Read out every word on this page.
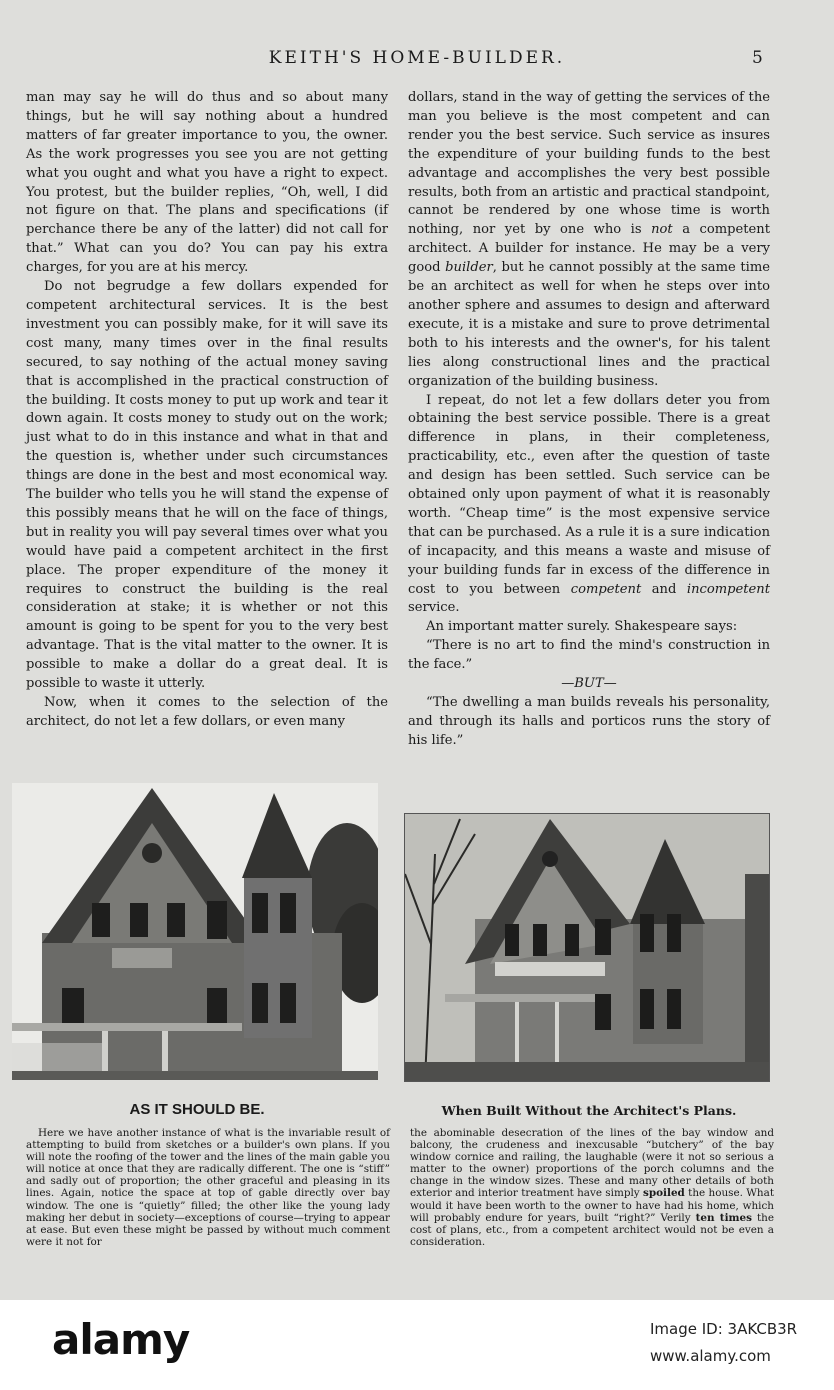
KEITH'S HOME-BUILDER.	5

man may say he will do thus and so about many things, but he will say nothing about a hundred matters of far greater importance to you, the owner. As the work progresses you see you are not getting what you ought and what you have a right to expect. You protest, but the builder replies, “Oh, well, I did not figure on that. The plans and specifications (if perchance there be any of the latter) did not call for that.” What can you do? You can pay his extra charges, for you are at his mercy.

Do not begrudge a few dollars expended for competent architectural services. It is the best investment you can possibly make, for it will save its cost many, many times over in the final results secured, to say nothing of the actual money saving that is accomplished in the practical construction of the building. It costs money to put up work and tear it down again. It costs money to study out on the work; just what to do in this instance and what in that and the question is, whether under such circumstances things are done in the best and most economical way. The builder who tells you he will stand the expense of this possibly means that he will on the face of things, but in reality you will pay several times over what you would have paid a competent architect in the first place. The proper expenditure of the money it requires to construct the building is the real consideration at stake; it is whether or not this amount is going to be spent for you to the very best advantage. That is the vital matter to the owner. It is possible to make a dollar do a great deal. It is possible to waste it utterly.

Now, when it comes to the selection of the architect, do not let a few dollars, or even many

dollars, stand in the way of getting the services of the man you believe is the most competent and can render you the best service. Such service as insures the expenditure of your building funds to the best advantage and accomplishes the very best possible results, both from an artistic and practical standpoint, cannot be rendered by one whose time is worth nothing, nor yet by one who is not a competent architect. A builder for instance. He may be a very good builder, but he cannot possibly at the same time be an architect as well for when he steps over into another sphere and assumes to design and afterward execute, it is a mistake and sure to prove detrimental both to his interests and the owner's, for his talent lies along constructional lines and the practical organization of the building business.

I repeat, do not let a few dollars deter you from obtaining the best service possible. There is a great difference in plans, in their completeness, practicability, etc., even after the question of taste and design has been settled. Such service can be obtained only upon payment of what it is reasonably worth. “Cheap time” is the most expensive service that can be purchased. As a rule it is a sure indication of incapacity, and this means a waste and misuse of your building funds far in excess of the difference in cost to you between competent and incompetent service.

An important matter surely. Shakespeare says:

“There is no art to find the mind's construction in the face.”

—BUT—

“The dwelling a man builds reveals his personality, and through its halls and porticos runs the story of his life.”

AS IT SHOULD BE.	When Built Without the Architect's Plans.
Here we have another instance of what is the invariable result of attempting to build from sketches or a builder's own plans. If you will note the roofing of the tower and the lines of the main gable you will notice at once that they are radically different. The one is “stiff” and sadly out of proportion; the other graceful and pleasing in its lines. Again, notice the space at top of gable directly over bay window. The one is “quietly” filled; the other like the young lady making her debut in society—exceptions of course—trying to appear at ease. But even these might be passed by without much comment were it not for
the abominable desecration of the lines of the bay window and balcony, the crudeness and inexcusable “butchery” of the bay window cornice and railing, the laughable (were it not so serious a matter to the owner) proportions of the porch columns and the change in the window sizes. These and many other details of both exterior and interior treatment have simply spoiled the house. What would it have been worth to the owner to have had his home, which will probably endure for years, built “right?” Verily ten times the cost of plans, etc., from a competent architect would not be even a consideration.
alamy	Image ID: 3AKCB3R
www.alamy.com
